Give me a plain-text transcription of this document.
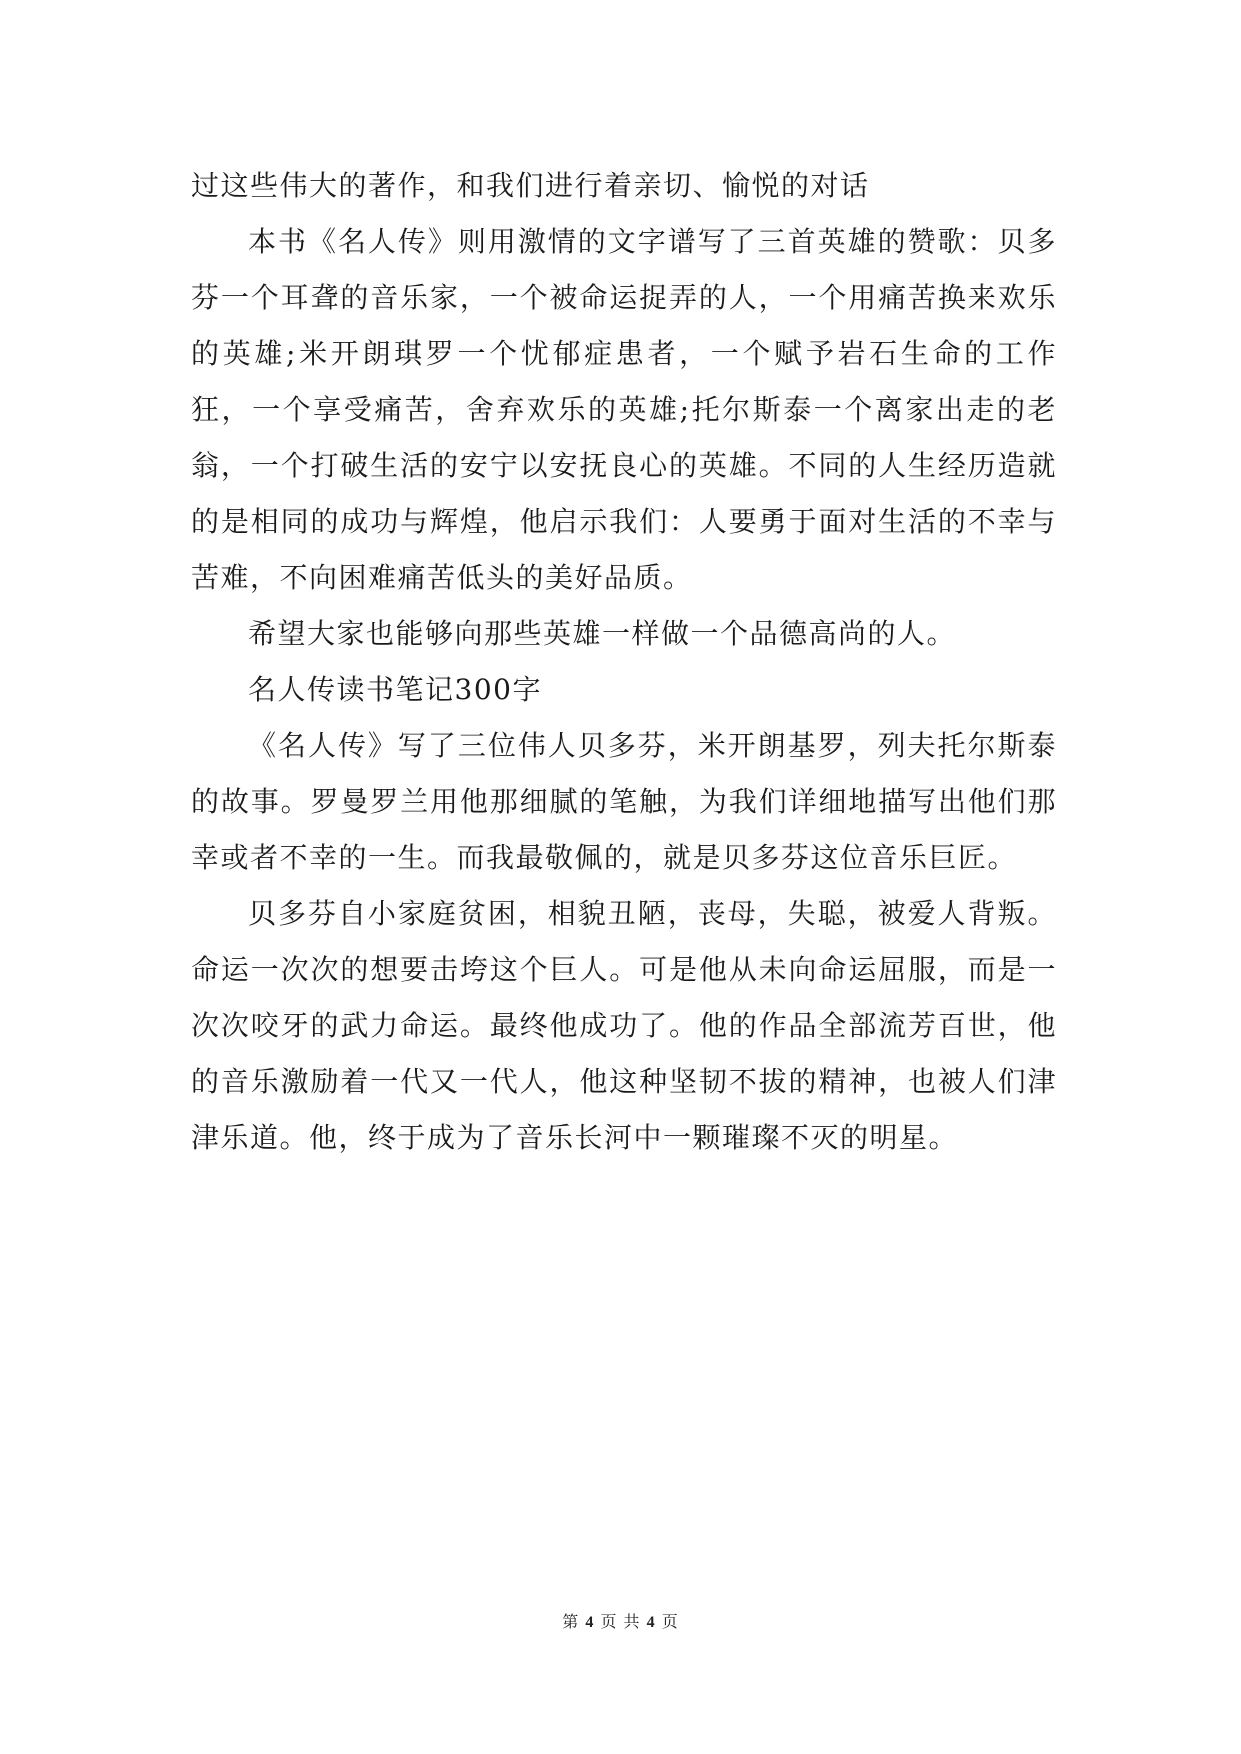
过这些伟大的著作，和我们进行着亲切、愉悦的对话

本书《名人传》则用激情的文字谱写了三首英雄的赞歌：贝多芬一个耳聋的音乐家，一个被命运捉弄的人，一个用痛苦换来欢乐的英雄;米开朗琪罗一个忧郁症患者，一个赋予岩石生命的工作狂，一个享受痛苦，舍弃欢乐的英雄;托尔斯泰一个离家出走的老翁，一个打破生活的安宁以安抚良心的英雄。不同的人生经历造就的是相同的成功与辉煌，他启示我们：人要勇于面对生活的不幸与苦难，不向困难痛苦低头的美好品质。

希望大家也能够向那些英雄一样做一个品德高尚的人。

名人传读书笔记300字

《名人传》写了三位伟人贝多芬，米开朗基罗，列夫托尔斯泰的故事。罗曼罗兰用他那细腻的笔触，为我们详细地描写出他们那幸或者不幸的一生。而我最敬佩的，就是贝多芬这位音乐巨匠。

贝多芬自小家庭贫困，相貌丑陋，丧母，失聪，被爱人背叛。命运一次次的想要击垮这个巨人。可是他从未向命运屈服，而是一次次咬牙的武力命运。最终他成功了。他的作品全部流芳百世，他的音乐激励着一代又一代人，他这种坚韧不拔的精神，也被人们津津乐道。他，终于成为了音乐长河中一颗璀璨不灭的明星。

第 4 页 共 4 页
